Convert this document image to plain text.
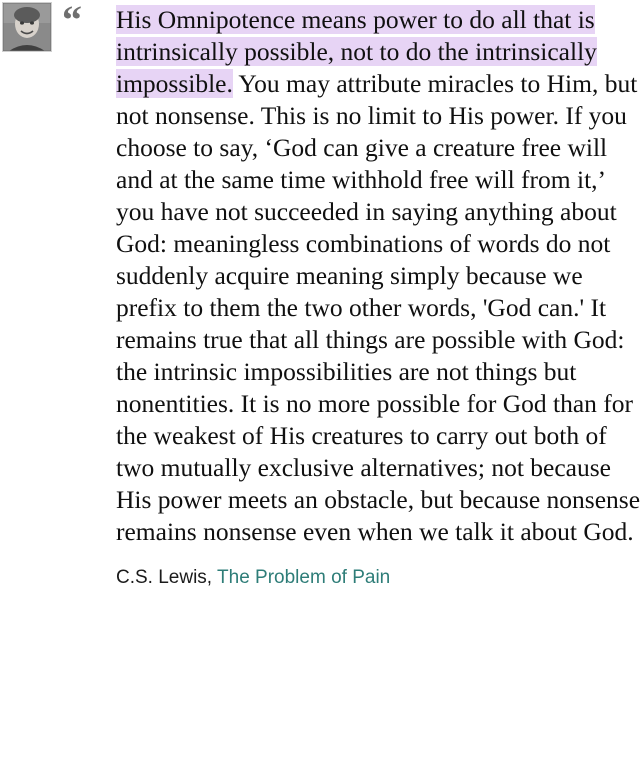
“	His Omnipotence means power to do all that is intrinsically possible, not to do the intrinsically impossible. You may attribute miracles to Him, but not nonsense. This is no limit to His power. If you choose to say, ‘God can give a creature free will and at the same time withhold free will from it,’ you have not succeeded in saying anything about God: meaningless combinations of words do not suddenly acquire meaning simply because we prefix to them the two other words, 'God can.' It remains true that all things are possible with God: the intrinsic impossibilities are not things but nonentities. It is no more possible for God than for the weakest of His creatures to carry out both of two mutually exclusive alternatives; not because His power meets an obstacle, but because nonsense remains nonsense even when we talk it about God.

C.S. Lewis, The Problem of Pain
